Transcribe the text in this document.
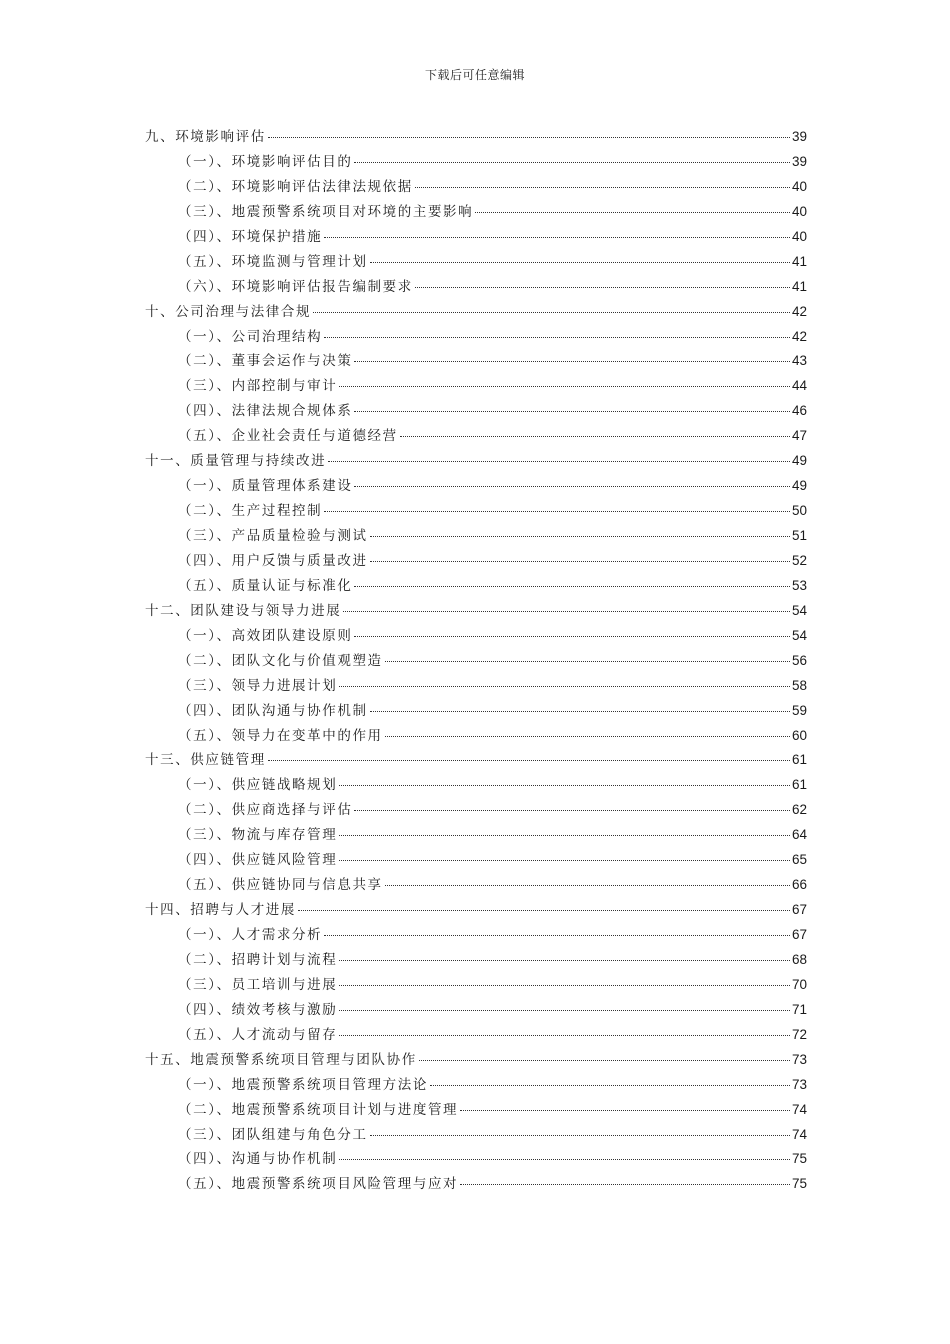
下载后可任意编辑
九、环境影响评估	39
（一）、环境影响评估目的	39
（二）、环境影响评估法律法规依据	40
（三）、地震预警系统项目对环境的主要影响	40
（四）、环境保护措施	40
（五）、环境监测与管理计划	41
（六）、环境影响评估报告编制要求	41
十、公司治理与法律合规	42
（一）、公司治理结构	42
（二）、董事会运作与决策	43
（三）、内部控制与审计	44
（四）、法律法规合规体系	46
（五）、企业社会责任与道德经营	47
十一、质量管理与持续改进	49
（一）、质量管理体系建设	49
（二）、生产过程控制	50
（三）、产品质量检验与测试	51
（四）、用户反馈与质量改进	52
（五）、质量认证与标准化	53
十二、团队建设与领导力进展	54
（一）、高效团队建设原则	54
（二）、团队文化与价值观塑造	56
（三）、领导力进展计划	58
（四）、团队沟通与协作机制	59
（五）、领导力在变革中的作用	60
十三、供应链管理	61
（一）、供应链战略规划	61
（二）、供应商选择与评估	62
（三）、物流与库存管理	64
（四）、供应链风险管理	65
（五）、供应链协同与信息共享	66
十四、招聘与人才进展	67
（一）、人才需求分析	67
（二）、招聘计划与流程	68
（三）、员工培训与进展	70
（四）、绩效考核与激励	71
（五）、人才流动与留存	72
十五、地震预警系统项目管理与团队协作	73
（一）、地震预警系统项目管理方法论	73
（二）、地震预警系统项目计划与进度管理	74
（三）、团队组建与角色分工	74
（四）、沟通与协作机制	75
（五）、地震预警系统项目风险管理与应对	75
